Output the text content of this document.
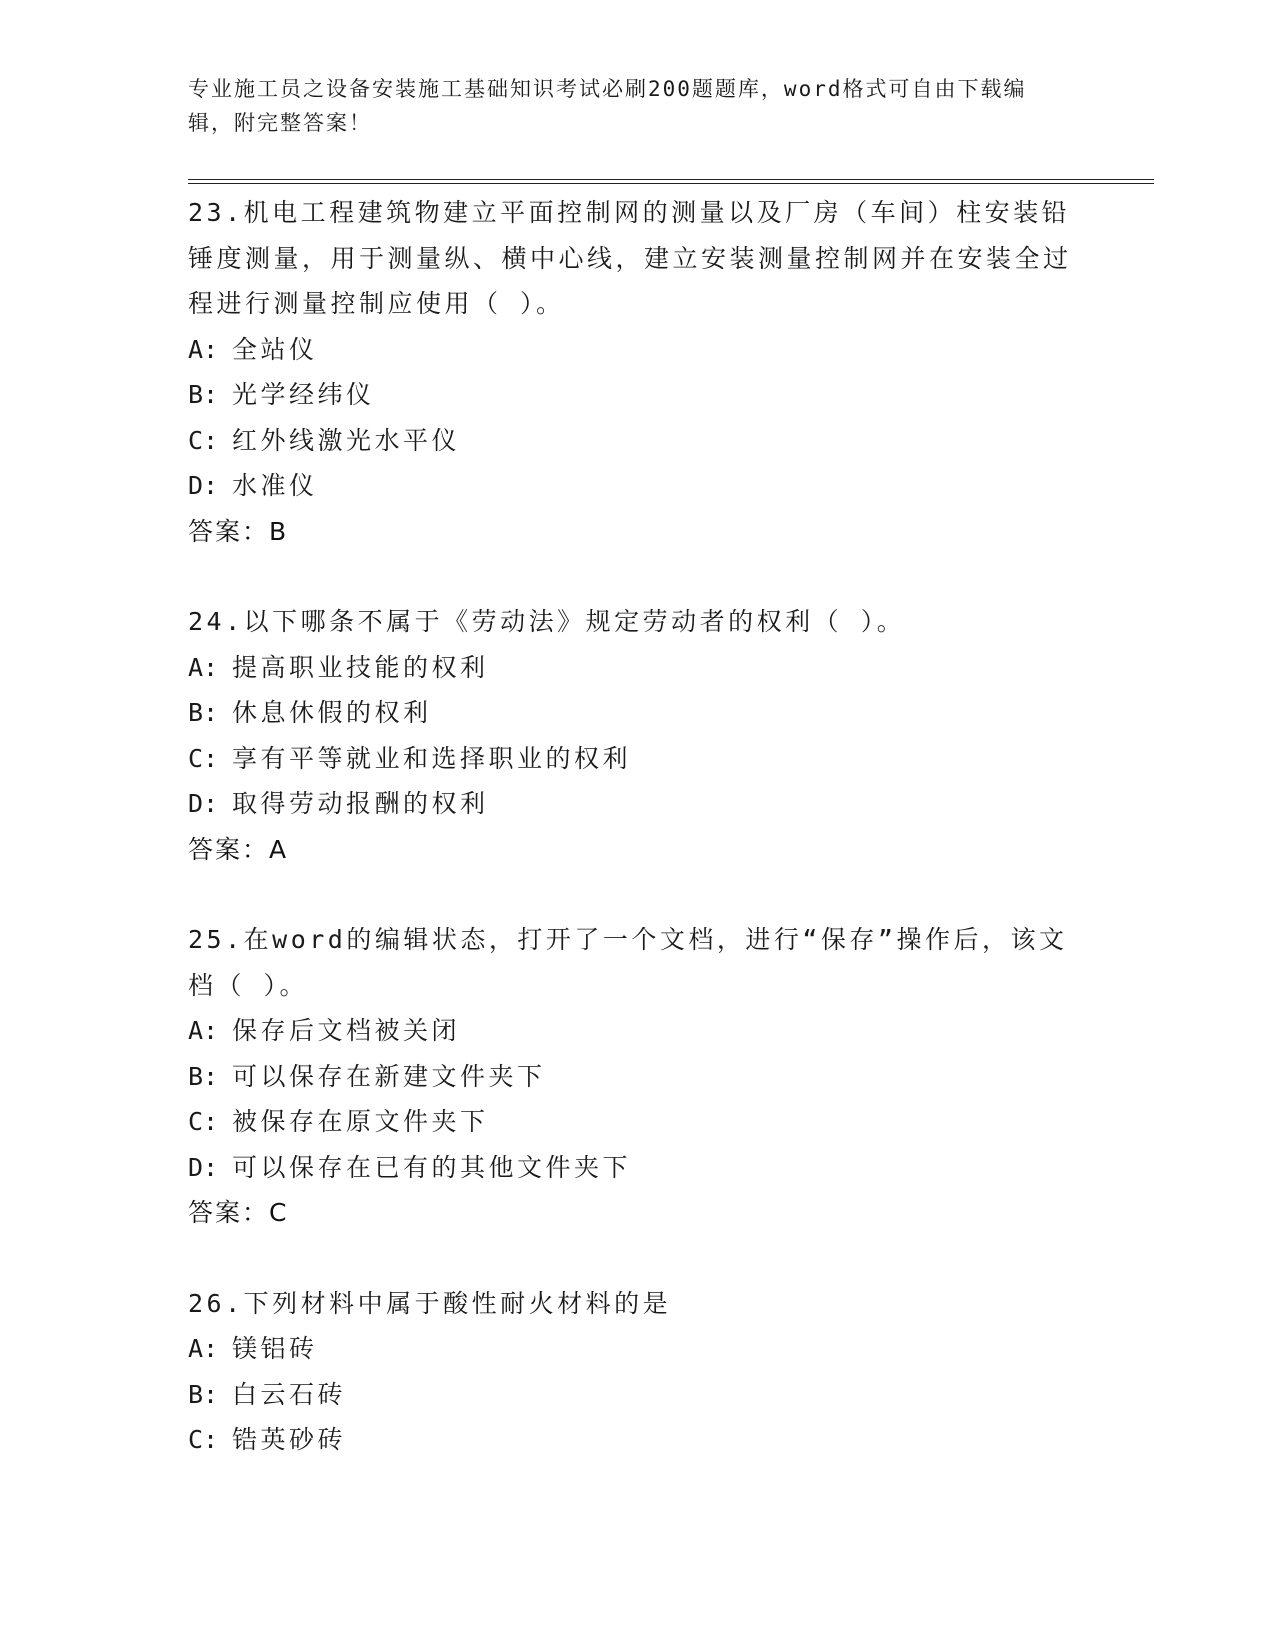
专业施工员之设备安装施工基础知识考试必刷200题题库，word格式可自由下载编辑，附完整答案！
23.机电工程建筑物建立平面控制网的测量以及厂房（车间）柱安装铅锤度测量，用于测量纵、横中心线，建立安装测量控制网并在安装全过程进行测量控制应使用（ ）。
A: 全站仪
B: 光学经纬仪
C: 红外线激光水平仪
D: 水准仪
答案：B
24.以下哪条不属于《劳动法》规定劳动者的权利（ ）。
A: 提高职业技能的权利
B: 休息休假的权利
C: 享有平等就业和选择职业的权利
D: 取得劳动报酬的权利
答案：A
25.在word的编辑状态，打开了一个文档，进行“保存”操作后，该文档（ ）。
A: 保存后文档被关闭
B: 可以保存在新建文件夹下
C: 被保存在原文件夹下
D: 可以保存在已有的其他文件夹下
答案：C
26.下列材料中属于酸性耐火材料的是
A: 镁铝砖
B: 白云石砖
C: 锆英砂砖
